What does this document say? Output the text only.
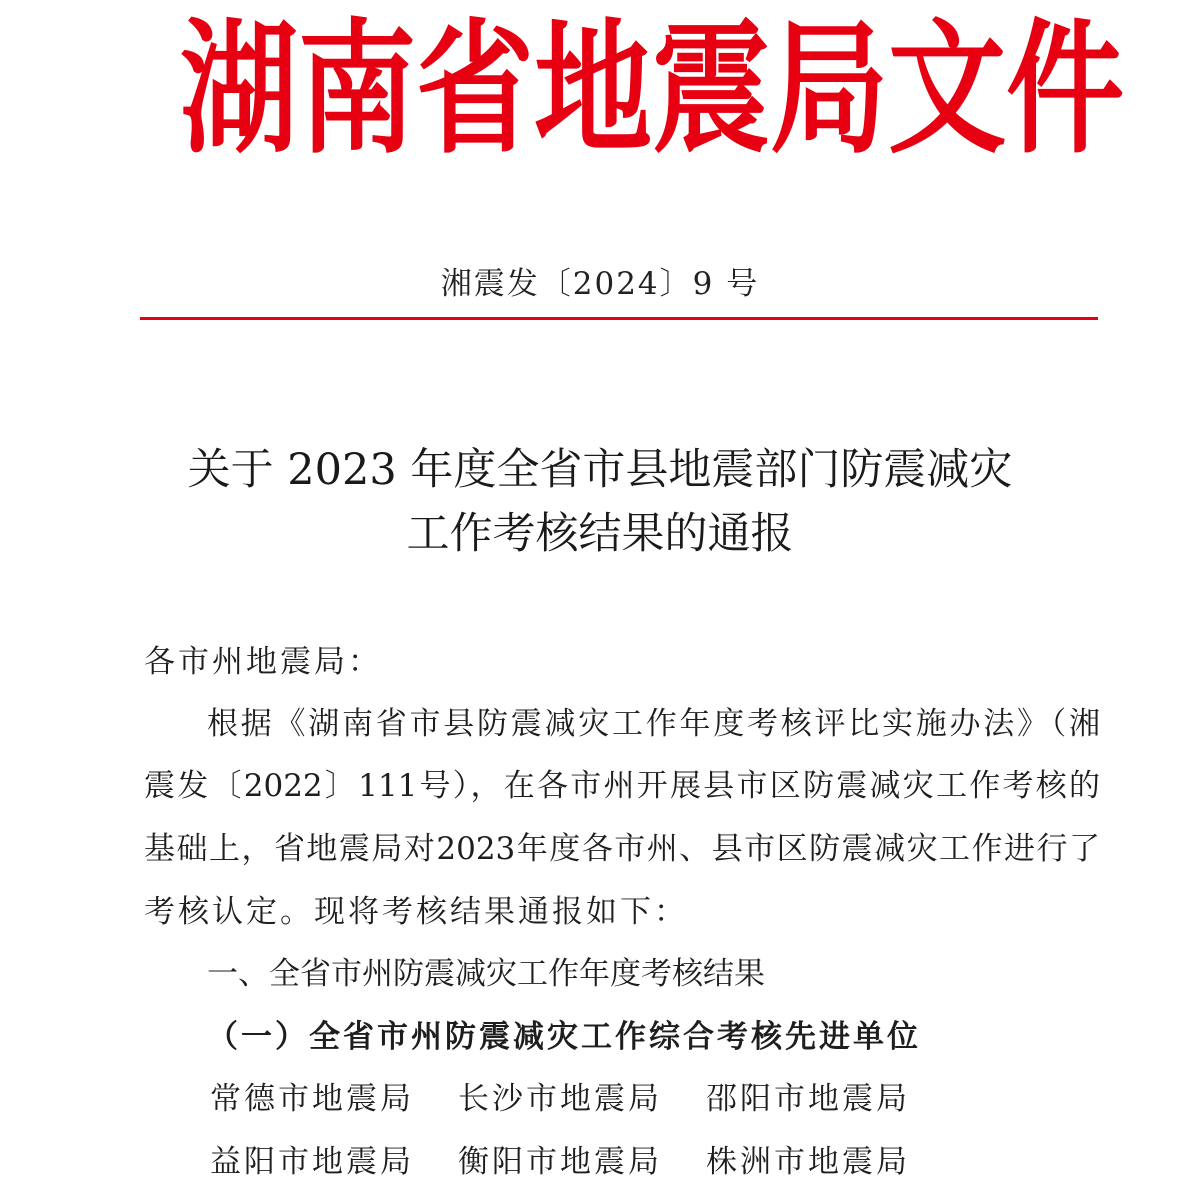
湖 南 省 地 震 局 文 件
湘震发〔2024〕9 号
关于 2023 年度全省市县地震部门防震减灾
工作考核结果的通报
各市州地震局：
根据《湖南省市县防震减灾工作年度考核评比实施办法》（湘
震发〔2022〕111号），在各市州开展县市区防震减灾工作考核的
基础上，省地震局对2023年度各市州、县市区防震减灾工作进行了
考核认定。现将考核结果通报如下：
一、全省市州防震减灾工作年度考核结果
（一）全省市州防震减灾工作综合考核先进单位
常德市地震局 长沙市地震局 邵阳市地震局
益阳市地震局 衡阳市地震局 株洲市地震局
